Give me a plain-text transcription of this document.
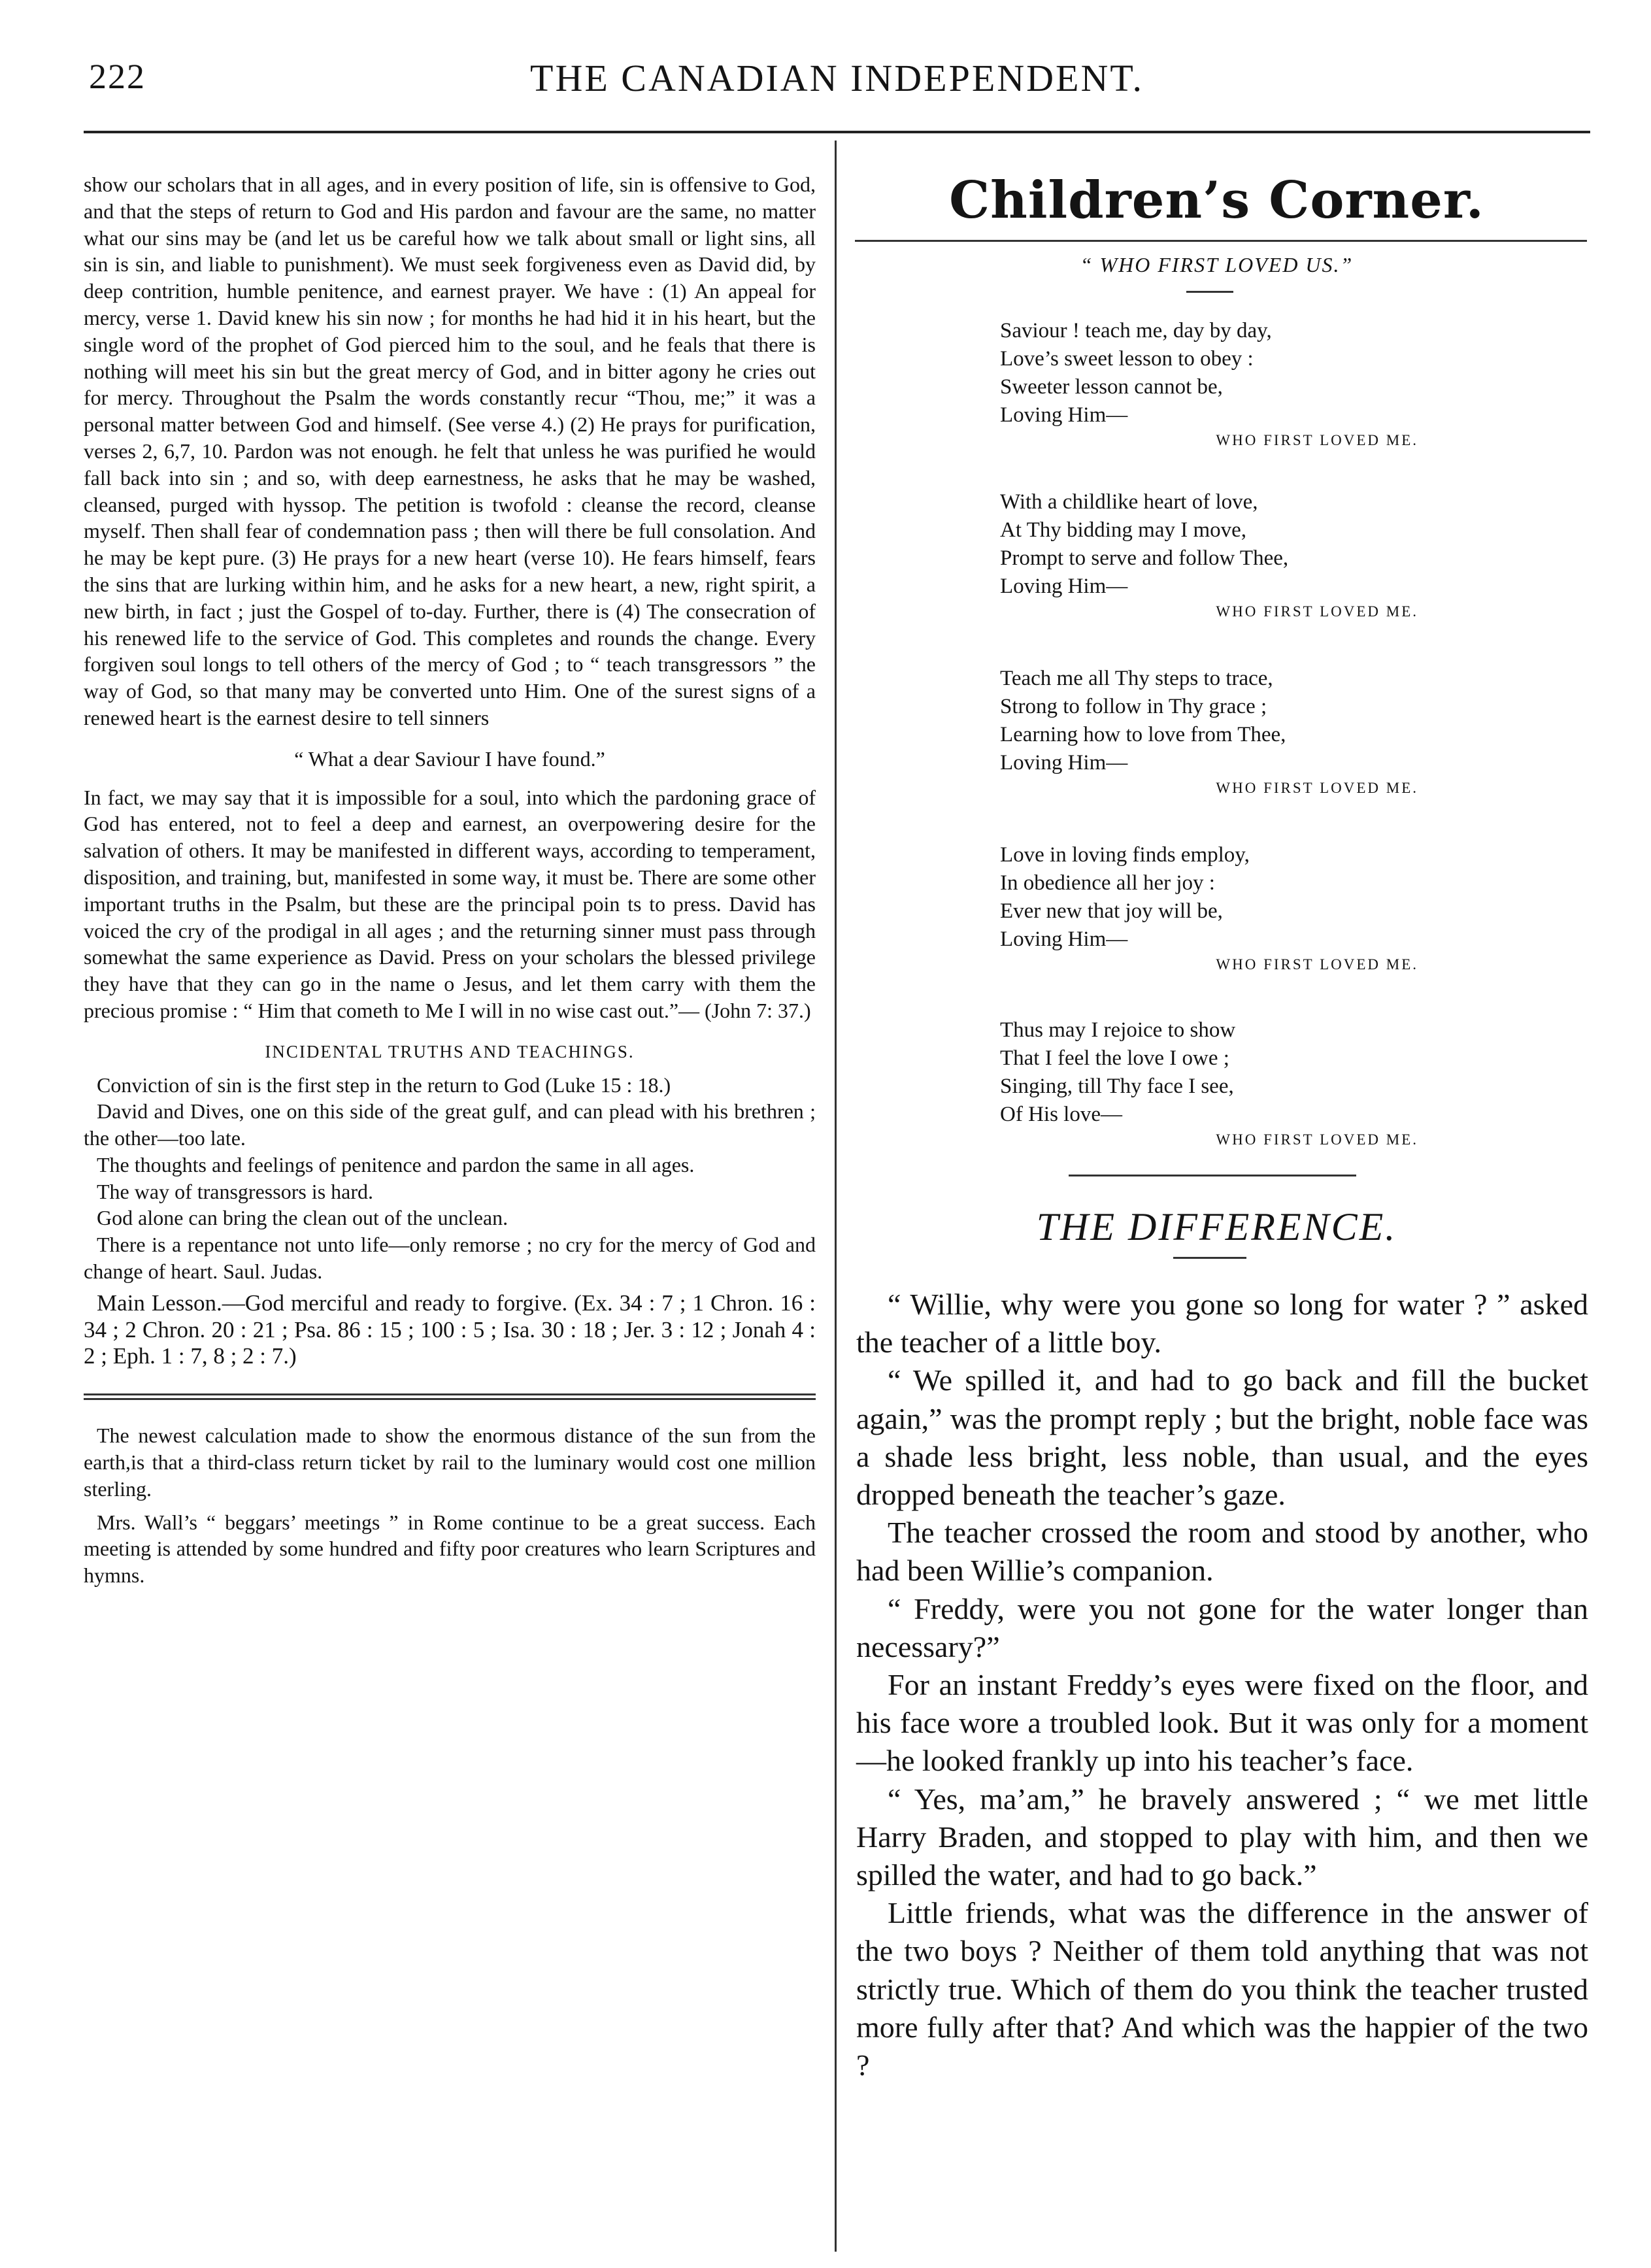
222	THE CANADIAN INDEPENDENT.

show our scholars that in all ages, and in every position of life, sin is offensive to God, and that the steps of return to God and His pardon and favour are the same, no matter what our sins may be (and let us be careful how we talk about small or light sins, all sin is sin, and liable to punishment). We must seek forgiveness even as David did, by deep contrition, humble penitence, and earnest prayer. We have : (1) An appeal for mercy, verse 1. David knew his sin now ; for months he had hid it in his heart, but the single word of the prophet of God pierced him to the soul, and he feals that there is nothing will meet his sin but the great mercy of God, and in bitter agony he cries out for mercy. Throughout the Psalm the words constantly recur “Thou, me;” it was a personal matter between God and himself. (See verse 4.) (2) He prays for purification, verses 2, 6,7, 10. Pardon was not enough. he felt that unless he was purified he would fall back into sin ; and so, with deep earnestness, he asks that he may be washed, cleansed, purged with hyssop. The petition is twofold : cleanse the record, cleanse myself. Then shall fear of condemnation pass ; then will there be full consolation. And he may be kept pure. (3) He prays for a new heart (verse 10). He fears himself, fears the sins that are lurking within him, and he asks for a new heart, a new, right spirit, a new birth, in fact ; just the Gospel of to-day. Further, there is (4) The consecration of his renewed life to the service of God. This completes and rounds the change. Every forgiven soul longs to tell others of the mercy of God ; to “ teach transgressors ” the way of God, so that many may be converted unto Him. One of the surest signs of a renewed heart is the earnest desire to tell sinners

“ What a dear Saviour I have found.”

In fact, we may say that it is impossible for a soul, into which the pardoning grace of God has entered, not to feel a deep and earnest, an overpowering desire for the salvation of others. It may be manifested in different ways, according to temperament, disposition, and training, but, manifested in some way, it must be. There are some other important truths in the Psalm, but these are the principal poin ts to press. David has voiced the cry of the prodigal in all ages ; and the returning sinner must pass through somewhat the same experience as David. Press on your scholars the blessed privilege they have that they can go in the name o Jesus, and let them carry with them the precious promise : “ Him that cometh to Me I will in no wise cast out.”— (John 7: 37.)

INCIDENTAL TRUTHS AND TEACHINGS.

Conviction of sin is the first step in the return to God (Luke 15 : 18.)

David and Dives, one on this side of the great gulf, and can plead with his brethren ; the other—too late.

The thoughts and feelings of penitence and pardon the same in all ages.

The way of transgressors is hard.

God alone can bring the clean out of the unclean.

There is a repentance not unto life—only remorse ; no cry for the mercy of God and change of heart. Saul. Judas.

Main Lesson.—God merciful and ready to forgive. (Ex. 34 : 7 ; 1 Chron. 16 : 34 ; 2 Chron. 20 : 21 ; Psa. 86 : 15 ; 100 : 5 ; Isa. 30 : 18 ; Jer. 3 : 12 ; Jonah 4 : 2 ; Eph. 1 : 7, 8 ; 2 : 7.)

The newest calculation made to show the enormous distance of the sun from the earth,is that a third-class return ticket by rail to the luminary would cost one million sterling.

Mrs. Wall’s “ beggars’ meetings ” in Rome continue to be a great success. Each meeting is attended by some hundred and fifty poor creatures who learn Scriptures and hymns.

Children’s Corner.
“ WHO FIRST LOVED US.”
Saviour ! teach me, day by day,
Love’s sweet lesson to obey :
Sweeter lesson cannot be,
Loving Him—
WHO FIRST LOVED ME.
With a childlike heart of love,
At Thy bidding may I move,
Prompt to serve and follow Thee,
Loving Him—
WHO FIRST LOVED ME.
Teach me all Thy steps to trace,
Strong to follow in Thy grace ;
Learning how to love from Thee,
Loving Him—
WHO FIRST LOVED ME.
Love in loving finds employ,
In obedience all her joy :
Ever new that joy will be,
Loving Him—
WHO FIRST LOVED ME.
Thus may I rejoice to show
That I feel the love I owe ;
Singing, till Thy face I see,
Of His love—
WHO FIRST LOVED ME.
THE DIFFERENCE.

“ Willie, why were you gone so long for water ? ” asked the teacher of a little boy.

“ We spilled it, and had to go back and fill the bucket again,” was the prompt reply ; but the bright, noble face was a shade less bright, less noble, than usual, and the eyes dropped beneath the teacher’s gaze.

The teacher crossed the room and stood by another, who had been Willie’s companion.

“ Freddy, were you not gone for the water longer than necessary?”

For an instant Freddy’s eyes were fixed on the floor, and his face wore a troubled look. But it was only for a moment—he looked frankly up into his teacher’s face.

“ Yes, ma’am,” he bravely answered ; “ we met little Harry Braden, and stopped to play with him, and then we spilled the water, and had to go back.”

Little friends, what was the difference in the answer of the two boys ? Neither of them told anything that was not strictly true. Which of them do you think the teacher trusted more fully after that? And which was the happier of the two ?
